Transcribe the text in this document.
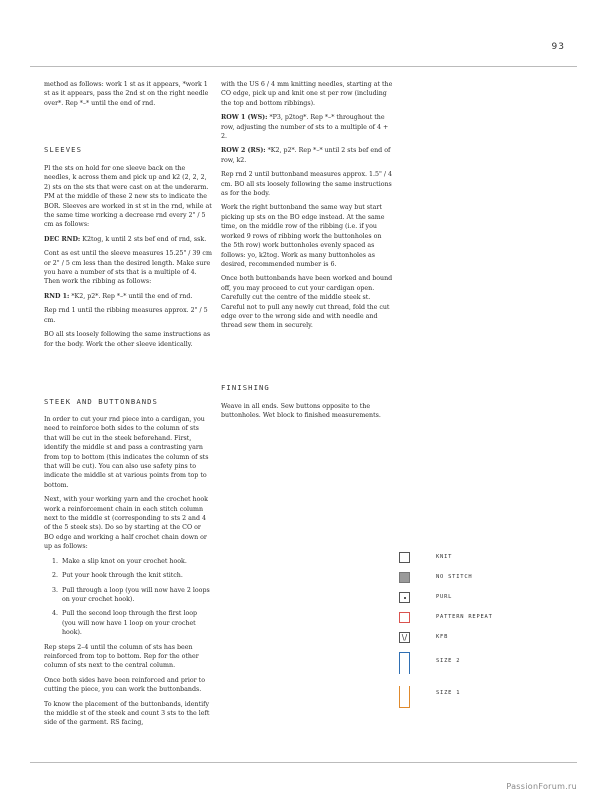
93

method as follows: work 1 st as it appears, *work 1 st as it appears, pass the 2nd st on the right needle over*. Rep *–* until the end of rnd.

SLEEVES

Pl the sts on hold for one sleeve back on the needles, k across them and pick up and k2 (2, 2, 2, 2) sts on the sts that were cast on at the underarm. PM at the middle of these 2 new sts to indicate the BOR. Sleeves are worked in st st in the rnd, while at the same time working a decrease rnd every 2" / 5 cm as follows:

DEC RND: K2tog, k until 2 sts bef end of rnd, ssk.

Cont as est until the sleeve measures 15.25" / 39 cm or 2" / 5 cm less than the desired length. Make sure you have a number of sts that is a multiple of 4. Then work the ribbing as follows:

RND 1: *K2, p2*. Rep *–* until the end of rnd.

Rep rnd 1 until the ribbing measures approx. 2" / 5 cm.

BO all sts loosely following the same instructions as for the body. Work the other sleeve identically.

STEEK AND BUTTONBANDS

In order to cut your rnd piece into a cardigan, you need to reinforce both sides to the column of sts that will be cut in the steek beforehand. First, identify the middle st and pass a contrasting yarn from top to bottom (this indicates the column of sts that will be cut). You can also use safety pins to indicate the middle st at various points from top to bottom.

Next, with your working yarn and the crochet hook work a reinforcement chain in each stitch column next to the middle st (corresponding to sts 2 and 4 of the 5 steek sts). Do so by starting at the CO or BO edge and working a half crochet chain down or up as follows:

1. Make a slip knot on your crochet hook.
2. Put your hook through the knit stitch.
3. Pull through a loop (you will now have 2 loops on your crochet hook).
4. Pull the second loop through the first loop (you will now have 1 loop on your crochet hook).

Rep steps 2–4 until the column of sts has been reinforced from top to bottom. Rep for the other column of sts next to the central column.

Once both sides have been reinforced and prior to cutting the piece, you can work the buttonbands.

To know the placement of the buttonbands, identify the middle st of the steek and count 3 sts to the left side of the garment. RS facing,

with the US 6 / 4 mm knitting needles, starting at the CO edge, pick up and knit one st per row (including the top and bottom ribbings).

ROW 1 (WS): *P3, p2tog*. Rep *–* throughout the row, adjusting the number of sts to a multiple of 4 + 2.

ROW 2 (RS): *K2, p2*. Rep *–* until 2 sts bef end of row, k2.

Rep rnd 2 until buttonband measures approx. 1.5" / 4 cm. BO all sts loosely following the same instructions as for the body.

Work the right buttonband the same way but start picking up sts on the BO edge instead. At the same time, on the middle row of the ribbing (i.e. if you worked 9 rows of ribbing work the buttonholes on the 5th row) work buttonholes evenly spaced as follows: yo, k2tog. Work as many buttonholes as desired, recommended number is 6.

Once both buttonbands have been worked and bound off, you may proceed to cut your cardigan open. Carefully cut the centre of the middle steek st. Careful not to pull any newly cut thread, fold the cut edge over to the wrong side and with needle and thread sew them in securely.

FINISHING

Weave in all ends. Sew buttons opposite to the buttonholes. Wet block to finished measurements.

KNIT
NO STITCH
PURL
PATTERN REPEAT
\/	KFB
SIZE 2
SIZE 1
PassionForum.ru
